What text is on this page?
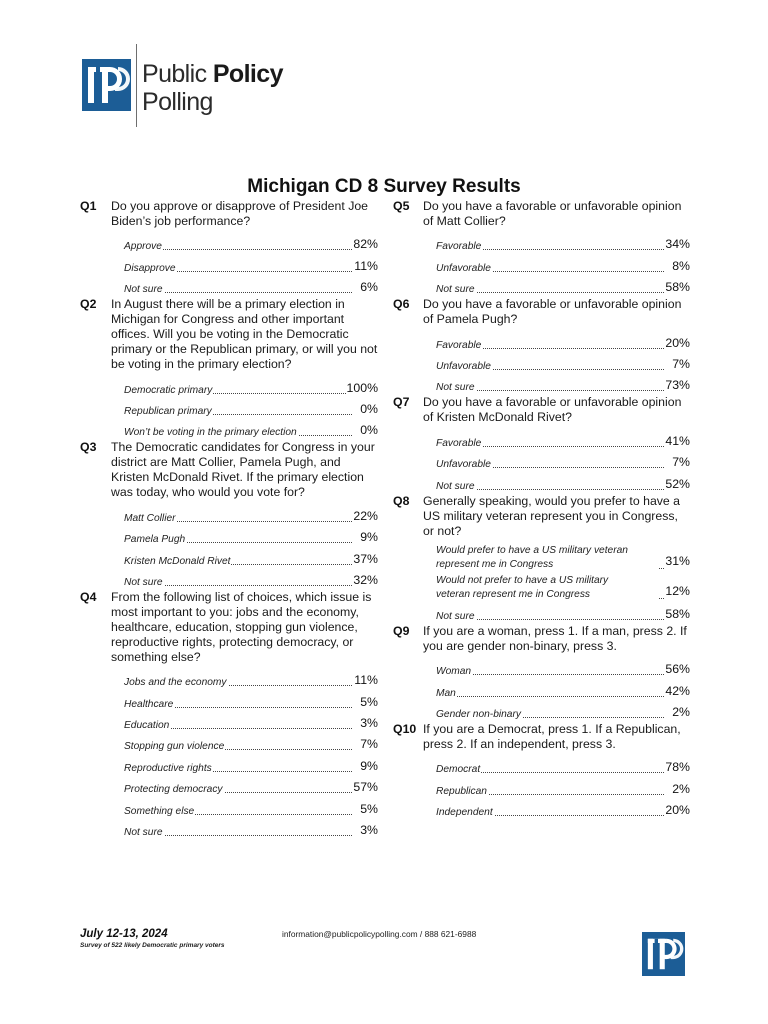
Public Policy
Polling
Michigan CD 8 Survey Results
Q1 Do you approve or disapprove of President Joe Biden’s job performance?
Approve	82%
Disapprove	11%
Not sure	6%
Q2 In August there will be a primary election in Michigan for Congress and other important offices. Will you be voting in the Democratic primary or the Republican primary, or will you not be voting in the primary election?
Democratic primary	100%
Republican primary	0%
Won’t be voting in the primary election	0%
Q3 The Democratic candidates for Congress in your district are Matt Collier, Pamela Pugh, and Kristen McDonald Rivet. If the primary election was today, who would you vote for?
Matt Collier	22%
Pamela Pugh	9%
Kristen McDonald Rivet	37%
Not sure	32%
Q4 From the following list of choices, which issue is most important to you: jobs and the economy, healthcare, education, stopping gun violence, reproductive rights, protecting democracy, or something else?
Jobs and the economy	11%
Healthcare	5%
Education	3%
Stopping gun violence	7%
Reproductive rights	9%
Protecting democracy	57%
Something else	5%
Not sure	3%
Q5 Do you have a favorable or unfavorable opinion of Matt Collier?
Favorable	34%
Unfavorable	8%
Not sure	58%
Q6 Do you have a favorable or unfavorable opinion of Pamela Pugh?
Favorable	20%
Unfavorable	7%
Not sure	73%
Q7 Do you have a favorable or unfavorable opinion of Kristen McDonald Rivet?
Favorable	41%
Unfavorable	7%
Not sure	52%
Q8 Generally speaking, would you prefer to have a US military veteran represent you in Congress, or not?
Would prefer to have a US military veteran
represent me in Congress	31%
Would not prefer to have a US military
veteran represent me in Congress	12%
Not sure	58%
Q9 If you are a woman, press 1. If a man, press 2. If you are gender non-binary, press 3.
Woman	56%
Man	42%
Gender non-binary	2%
Q10 If you are a Democrat, press 1. If a Republican, press 2. If an independent, press 3.
Democrat	78%
Republican	2%
Independent	20%
July 12-13, 2024
Survey of 522 likely Democratic primary voters
information@publicpolicypolling.com / 888 621-6988
